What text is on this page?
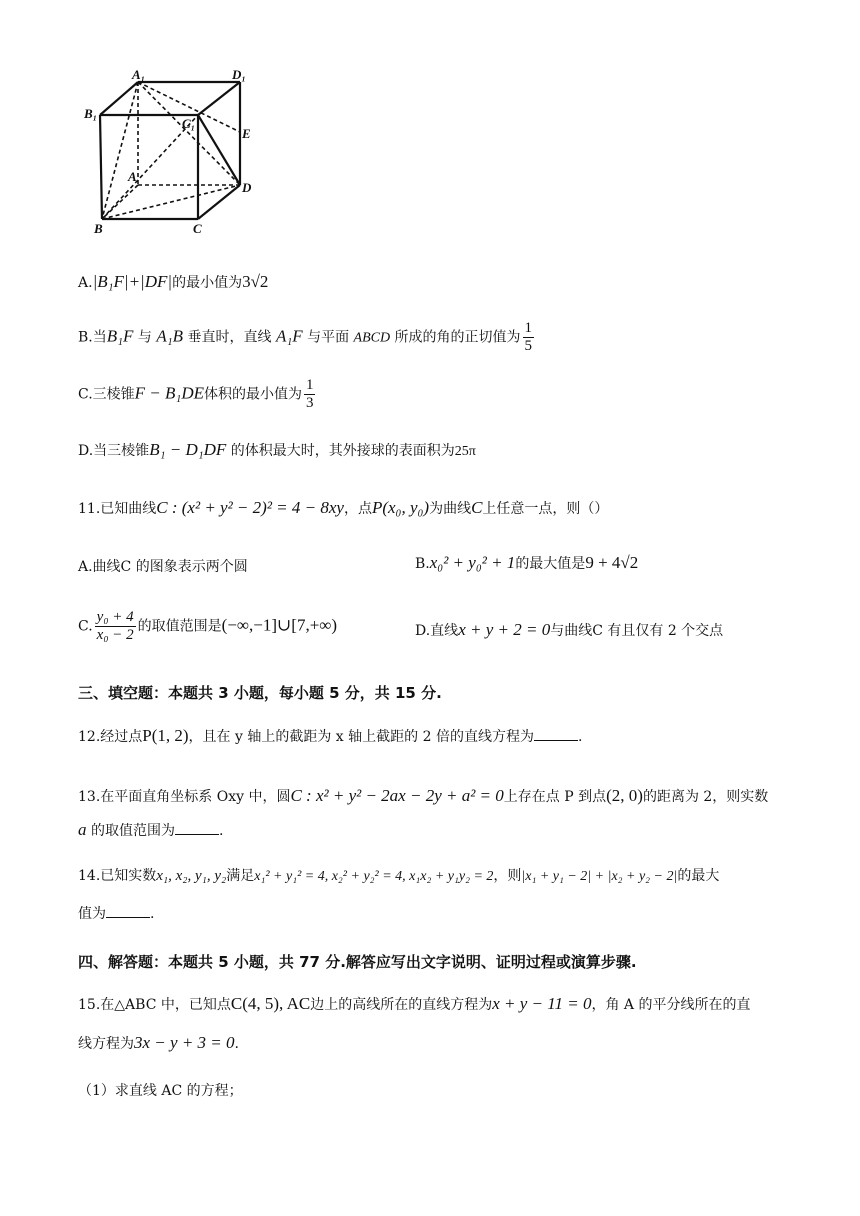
A₁	D₁
B₁
C₁
E
A
D
B	C
A.|B₁F|+|DF|的最小值为3√2
B.当B₁F 与 A₁B 垂直时，直线 A₁F 与平面 ABCD 所成的角的正切值为 $\frac{1}{5}$
C.三棱锥F − B₁DE体积的最小值为 $\frac{1}{3}$
D.当三棱锥B₁ − D₁DF 的体积最大时，其外接球的表面积为25π
11.已知曲线C : (x² + y² − 2)² = 4 − 8xy，点P(x₀, y₀)为曲线C上任意一点，则（）
A.曲线C 的图象表示两个圆	B.x₀² + y₀² + 1的最大值是9 + 4√2
C. $\frac{\text{y₀ + 4}}{\text{x₀ − 2}}$ 的取值范围是(−∞,−1]∪[7,+∞)	D.直线x + y + 2 = 0与曲线C 有且仅有 2 个交点
三、填空题：本题共 3 小题，每小题 5 分，共 15 分.
12.经过点P(1, 2)，且在 y 轴上的截距为 x 轴上截距的 2 倍的直线方程为	.
13.在平面直角坐标系 Oxy 中，圆C : x² + y² − 2ax − 2y + a² = 0上存在点 P 到点(2, 0)的距离为 2，则实数
a 的取值范围为	.
14.已知实数x₁, x₂, y₁, y₂满足x₁² + y₁² = 4, x₂² + y₂² = 4, x₁x₂ + y₁y₂ = 2，则|x₁ + y₁ − 2| + |x₂ + y₂ − 2|的最大
值为	.
四、解答题：本题共 5 小题，共 77 分.解答应写出文字说明、证明过程或演算步骤.
15.在△ABC 中，已知点C(4, 5), AC边上的高线所在的直线方程为x + y − 11 = 0，角 A 的平分线所在的直
线方程为3x − y + 3 = 0.
（1）求直线 AC 的方程；
